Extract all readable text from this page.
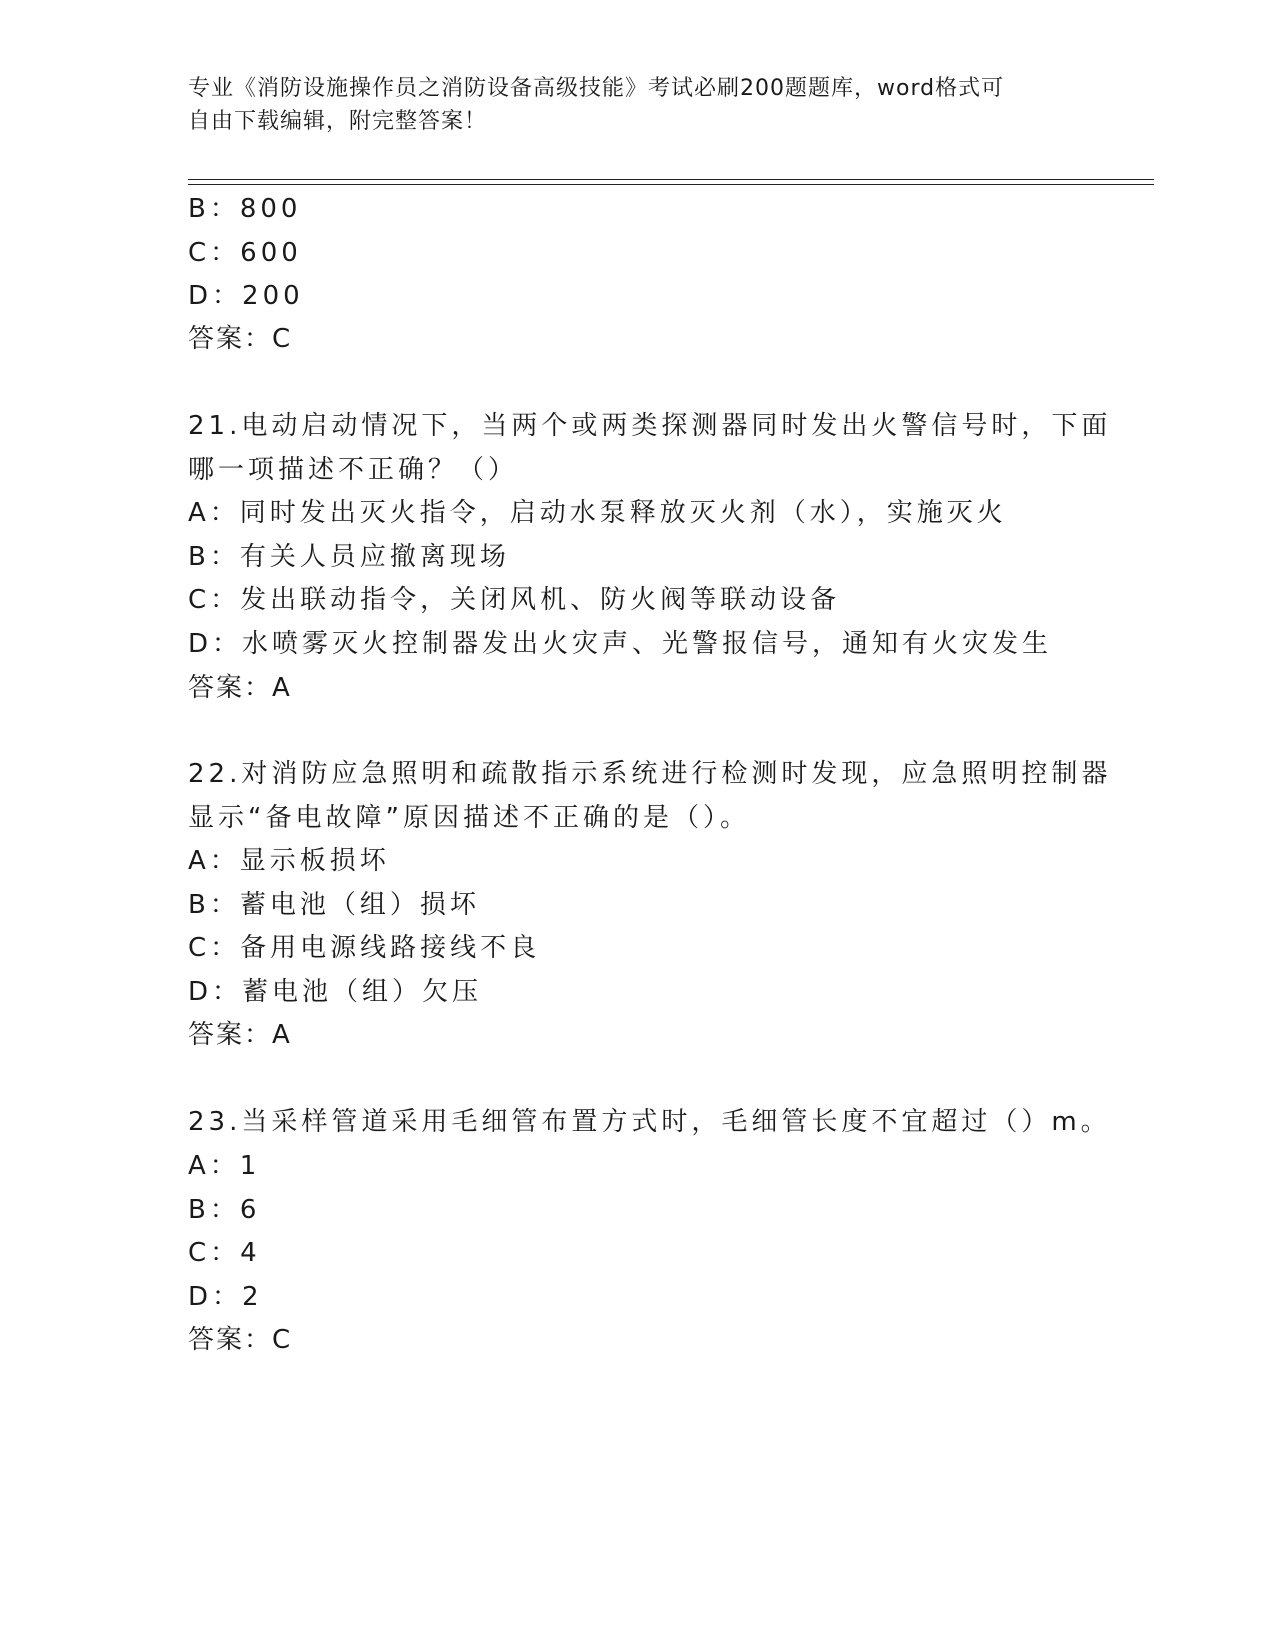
专业《消防设施操作员之消防设备高级技能》考试必刷200题题库，word格式可
自由下载编辑，附完整答案！
B：800
C：600
D：200
答案：C
21.电动启动情况下，当两个或两类探测器同时发出火警信号时，下面
哪一项描述不正确？（）
A：同时发出灭火指令，启动水泵释放灭火剂（水），实施灭火
B：有关人员应撤离现场
C：发出联动指令，关闭风机、防火阀等联动设备
D：水喷雾灭火控制器发出火灾声、光警报信号，通知有火灾发生
答案：A
22.对消防应急照明和疏散指示系统进行检测时发现，应急照明控制器
显示“备电故障”原因描述不正确的是（）。
A：显示板损坏
B：蓄电池（组）损坏
C：备用电源线路接线不良
D：蓄电池（组）欠压
答案：A
23.当采样管道采用毛细管布置方式时，毛细管长度不宜超过（）m。
A：1
B：6
C：4
D：2
答案：C
